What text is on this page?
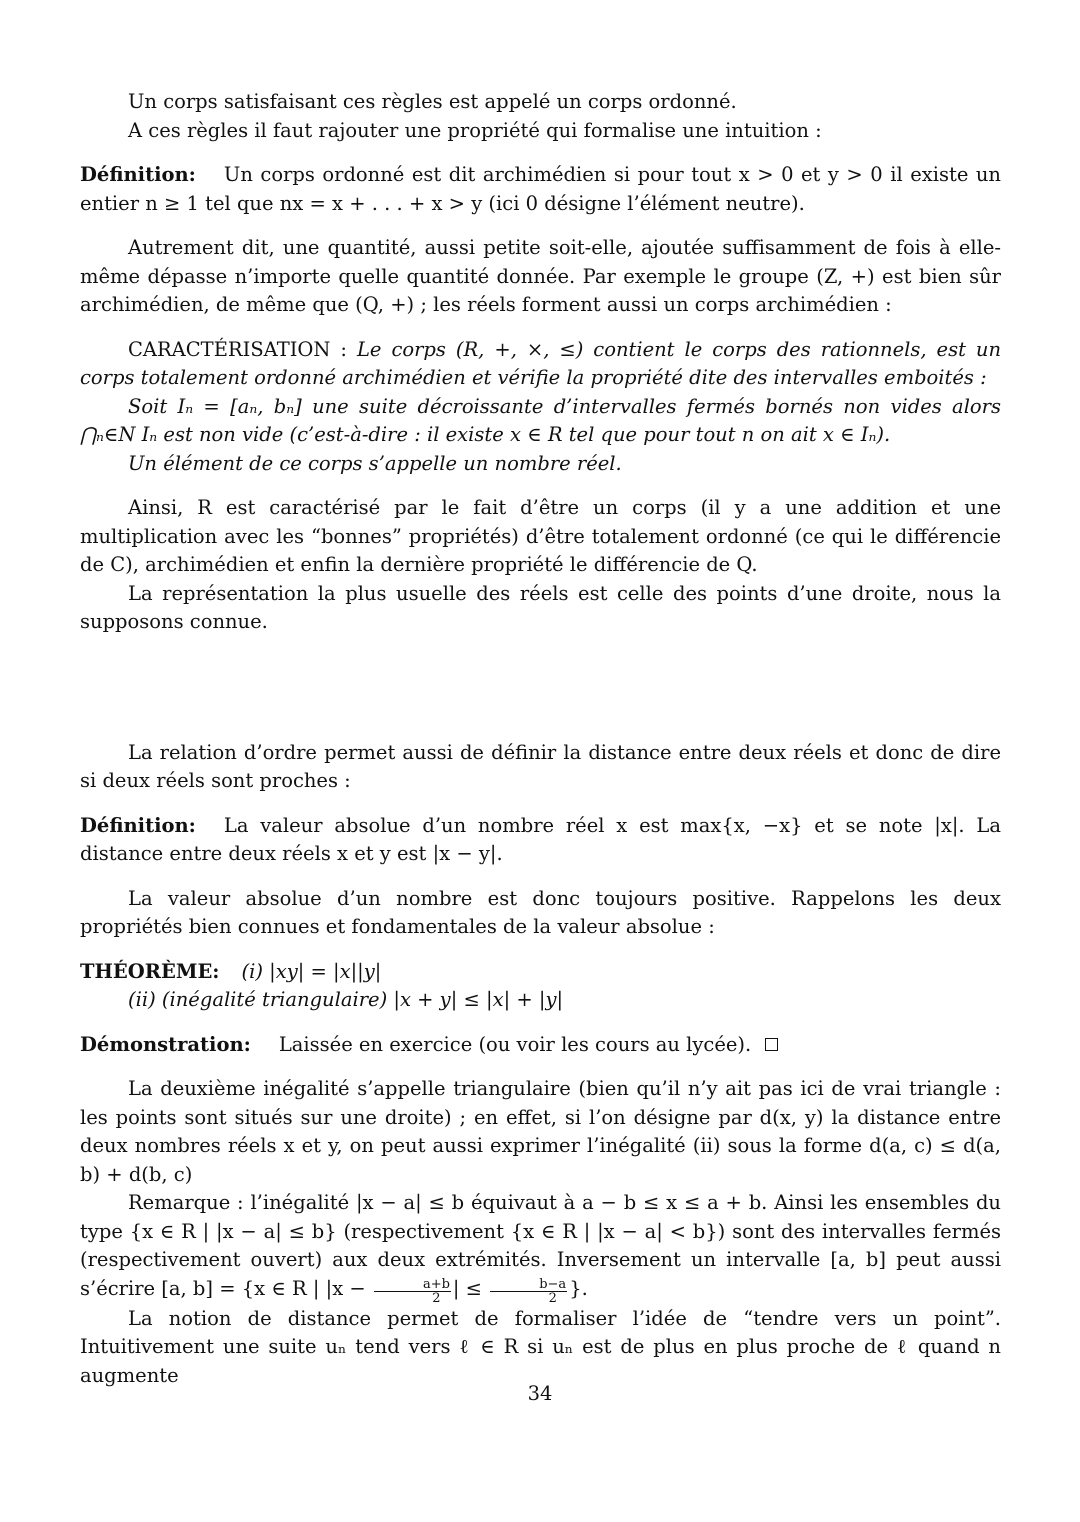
Un corps satisfaisant ces règles est appelé un corps ordonné.

A ces règles il faut rajouter une propriété qui formalise une intuition :

Définition: Un corps ordonné est dit archimédien si pour tout x > 0 et y > 0 il existe un entier n ≥ 1 tel que nx = x + . . . + x > y (ici 0 désigne l’élément neutre).

Autrement dit, une quantité, aussi petite soit-elle, ajoutée suffisamment de fois à elle-même dépasse n’importe quelle quantité donnée. Par exemple le groupe (Z, +) est bien sûr archimédien, de même que (Q, +) ; les réels forment aussi un corps archimédien :

CARACTÉRISATION : Le corps (R, +, ×, ≤) contient le corps des rationnels, est un corps totalement ordonné archimédien et vérifie la propriété dite des intervalles emboités :

Soit Iₙ = [aₙ, bₙ] une suite décroissante d’intervalles fermés bornés non vides alors ⋂ₙ∈N Iₙ est non vide (c’est-à-dire : il existe x ∈ R tel que pour tout n on ait x ∈ Iₙ).

Un élément de ce corps s’appelle un nombre réel.

Ainsi, R est caractérisé par le fait d’être un corps (il y a une addition et une multiplication avec les “bonnes” propriétés) d’être totalement ordonné (ce qui le différencie de C), archimédien et enfin la dernière propriété le différencie de Q.

La représentation la plus usuelle des réels est celle des points d’une droite, nous la supposons connue.

La relation d’ordre permet aussi de définir la distance entre deux réels et donc de dire si deux réels sont proches :

Définition: La valeur absolue d’un nombre réel x est max{x, −x} et se note |x|. La distance entre deux réels x et y est |x − y|.

La valeur absolue d’un nombre est donc toujours positive. Rappelons les deux propriétés bien connues et fondamentales de la valeur absolue :

THÉORÈME: (i) |xy| = |x||y|

(ii) (inégalité triangulaire) |x + y| ≤ |x| + |y|

Démonstration: Laissée en exercice (ou voir les cours au lycée).

La deuxième inégalité s’appelle triangulaire (bien qu’il n’y ait pas ici de vrai triangle : les points sont situés sur une droite) ; en effet, si l’on désigne par d(x, y) la distance entre deux nombres réels x et y, on peut aussi exprimer l’inégalité (ii) sous la forme d(a, c) ≤ d(a, b) + d(b, c)

Remarque : l’inégalité |x − a| ≤ b équivaut à a − b ≤ x ≤ a + b. Ainsi les ensembles du type {x ∈ R | |x − a| ≤ b} (respectivement {x ∈ R | |x − a| < b}) sont des intervalles fermés (respectivement ouvert) aux deux extrémités. Inversement un intervalle [a, b] peut aussi s’écrire [a, b] = {x ∈ R | $|x - \frac{a+b}{2}$ | ≤ $\frac{b-a}{2}$ }.

La notion de distance permet de formaliser l’idée de “tendre vers un point”. Intuitivement une suite uₙ tend vers ℓ ∈ R si uₙ est de plus en plus proche de ℓ quand n augmente

34
